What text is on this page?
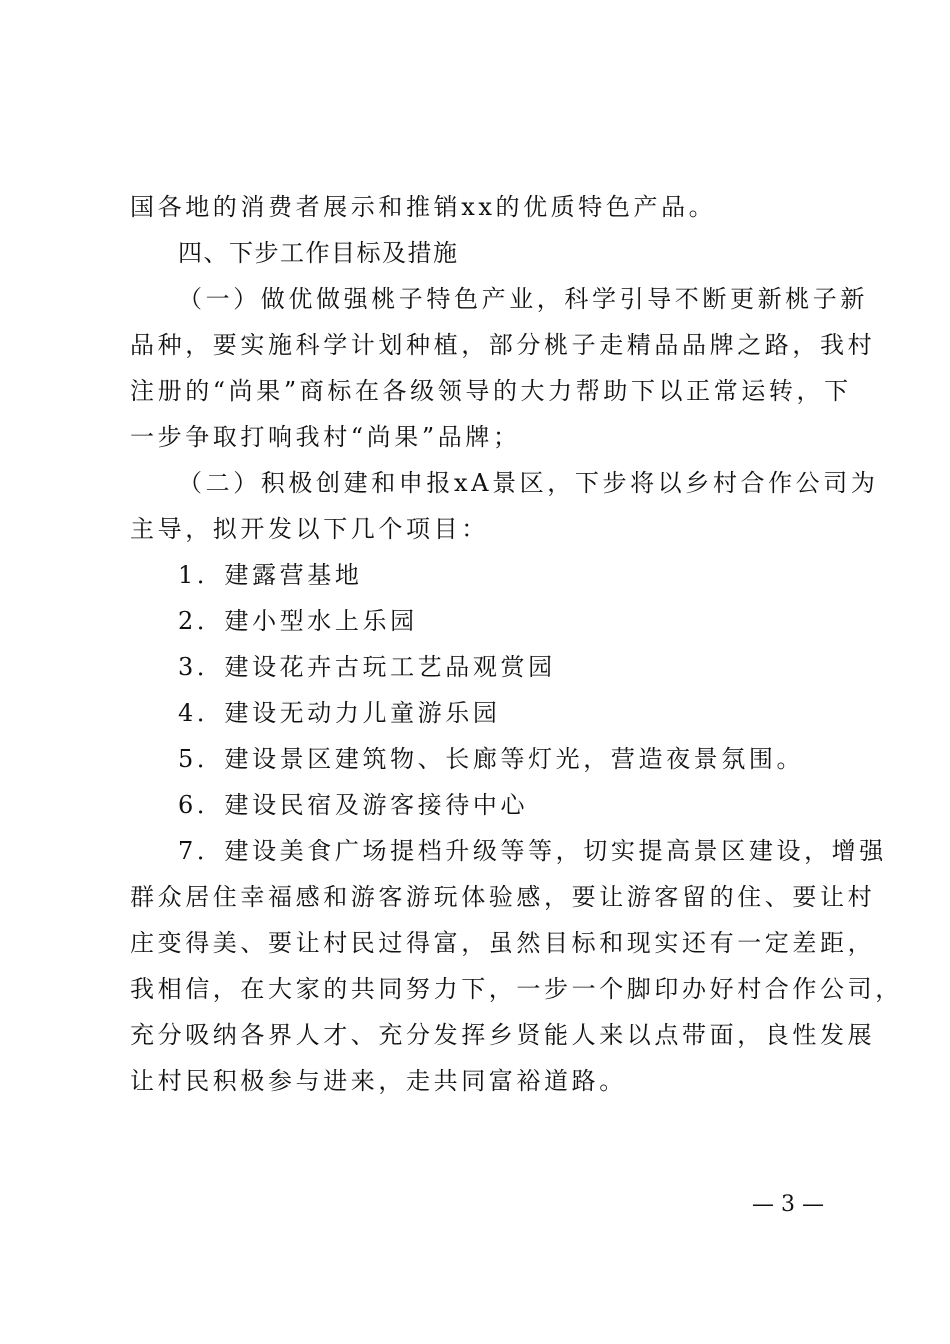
国各地的消费者展示和推销xx的优质特色产品。
四、下步工作目标及措施
（一）做优做强桃子特色产业，科学引导不断更新桃子新
品种，要实施科学计划种植，部分桃子走精品品牌之路，我村
注册的“尚果”商标在各级领导的大力帮助下以正常运转，下
一步争取打响我村“尚果”品牌；
（二）积极创建和申报xA景区，下步将以乡村合作公司为
主导，拟开发以下几个项目：
1．建露营基地
2．建小型水上乐园
3．建设花卉古玩工艺品观赏园
4．建设无动力儿童游乐园
5．建设景区建筑物、长廊等灯光，营造夜景氛围。
6．建设民宿及游客接待中心
7．建设美食广场提档升级等等，切实提高景区建设，增强
群众居住幸福感和游客游玩体验感，要让游客留的住、要让村
庄变得美、要让村民过得富，虽然目标和现实还有一定差距，
我相信，在大家的共同努力下，一步一个脚印办好村合作公司，
充分吸纳各界人才、充分发挥乡贤能人来以点带面，良性发展
让村民积极参与进来，走共同富裕道路。
— 3 —
